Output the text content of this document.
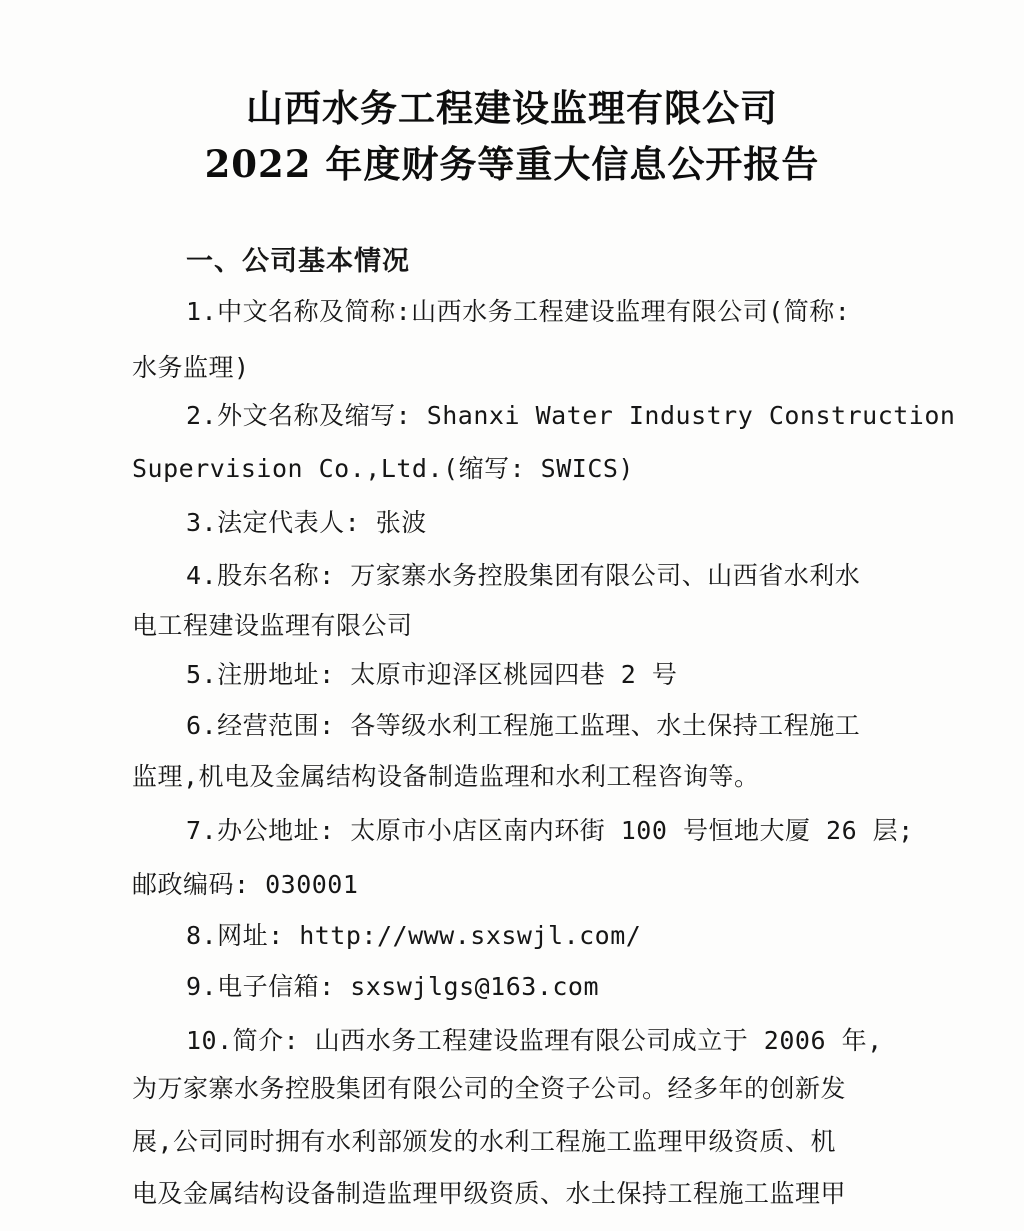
山西水务工程建设监理有限公司
2022 年度财务等重大信息公开报告
一、公司基本情况
1.中文名称及简称:山西水务工程建设监理有限公司(简称:
水务监理)
2.外文名称及缩写: Shanxi Water Industry Construction
Supervision Co.,Ltd.(缩写: SWICS)
3.法定代表人: 张波
4.股东名称: 万家寨水务控股集团有限公司、山西省水利水
电工程建设监理有限公司
5.注册地址: 太原市迎泽区桃园四巷 2 号
6.经营范围: 各等级水利工程施工监理、水土保持工程施工
监理,机电及金属结构设备制造监理和水利工程咨询等。
7.办公地址: 太原市小店区南内环街 100 号恒地大厦 26 层;
邮政编码: 030001
8.网址: http://www.sxswjl.com/
9.电子信箱: sxswjlgs@163.com
10.简介: 山西水务工程建设监理有限公司成立于 2006 年,
为万家寨水务控股集团有限公司的全资子公司。经多年的创新发
展,公司同时拥有水利部颁发的水利工程施工监理甲级资质、机
电及金属结构设备制造监理甲级资质、水土保持工程施工监理甲
